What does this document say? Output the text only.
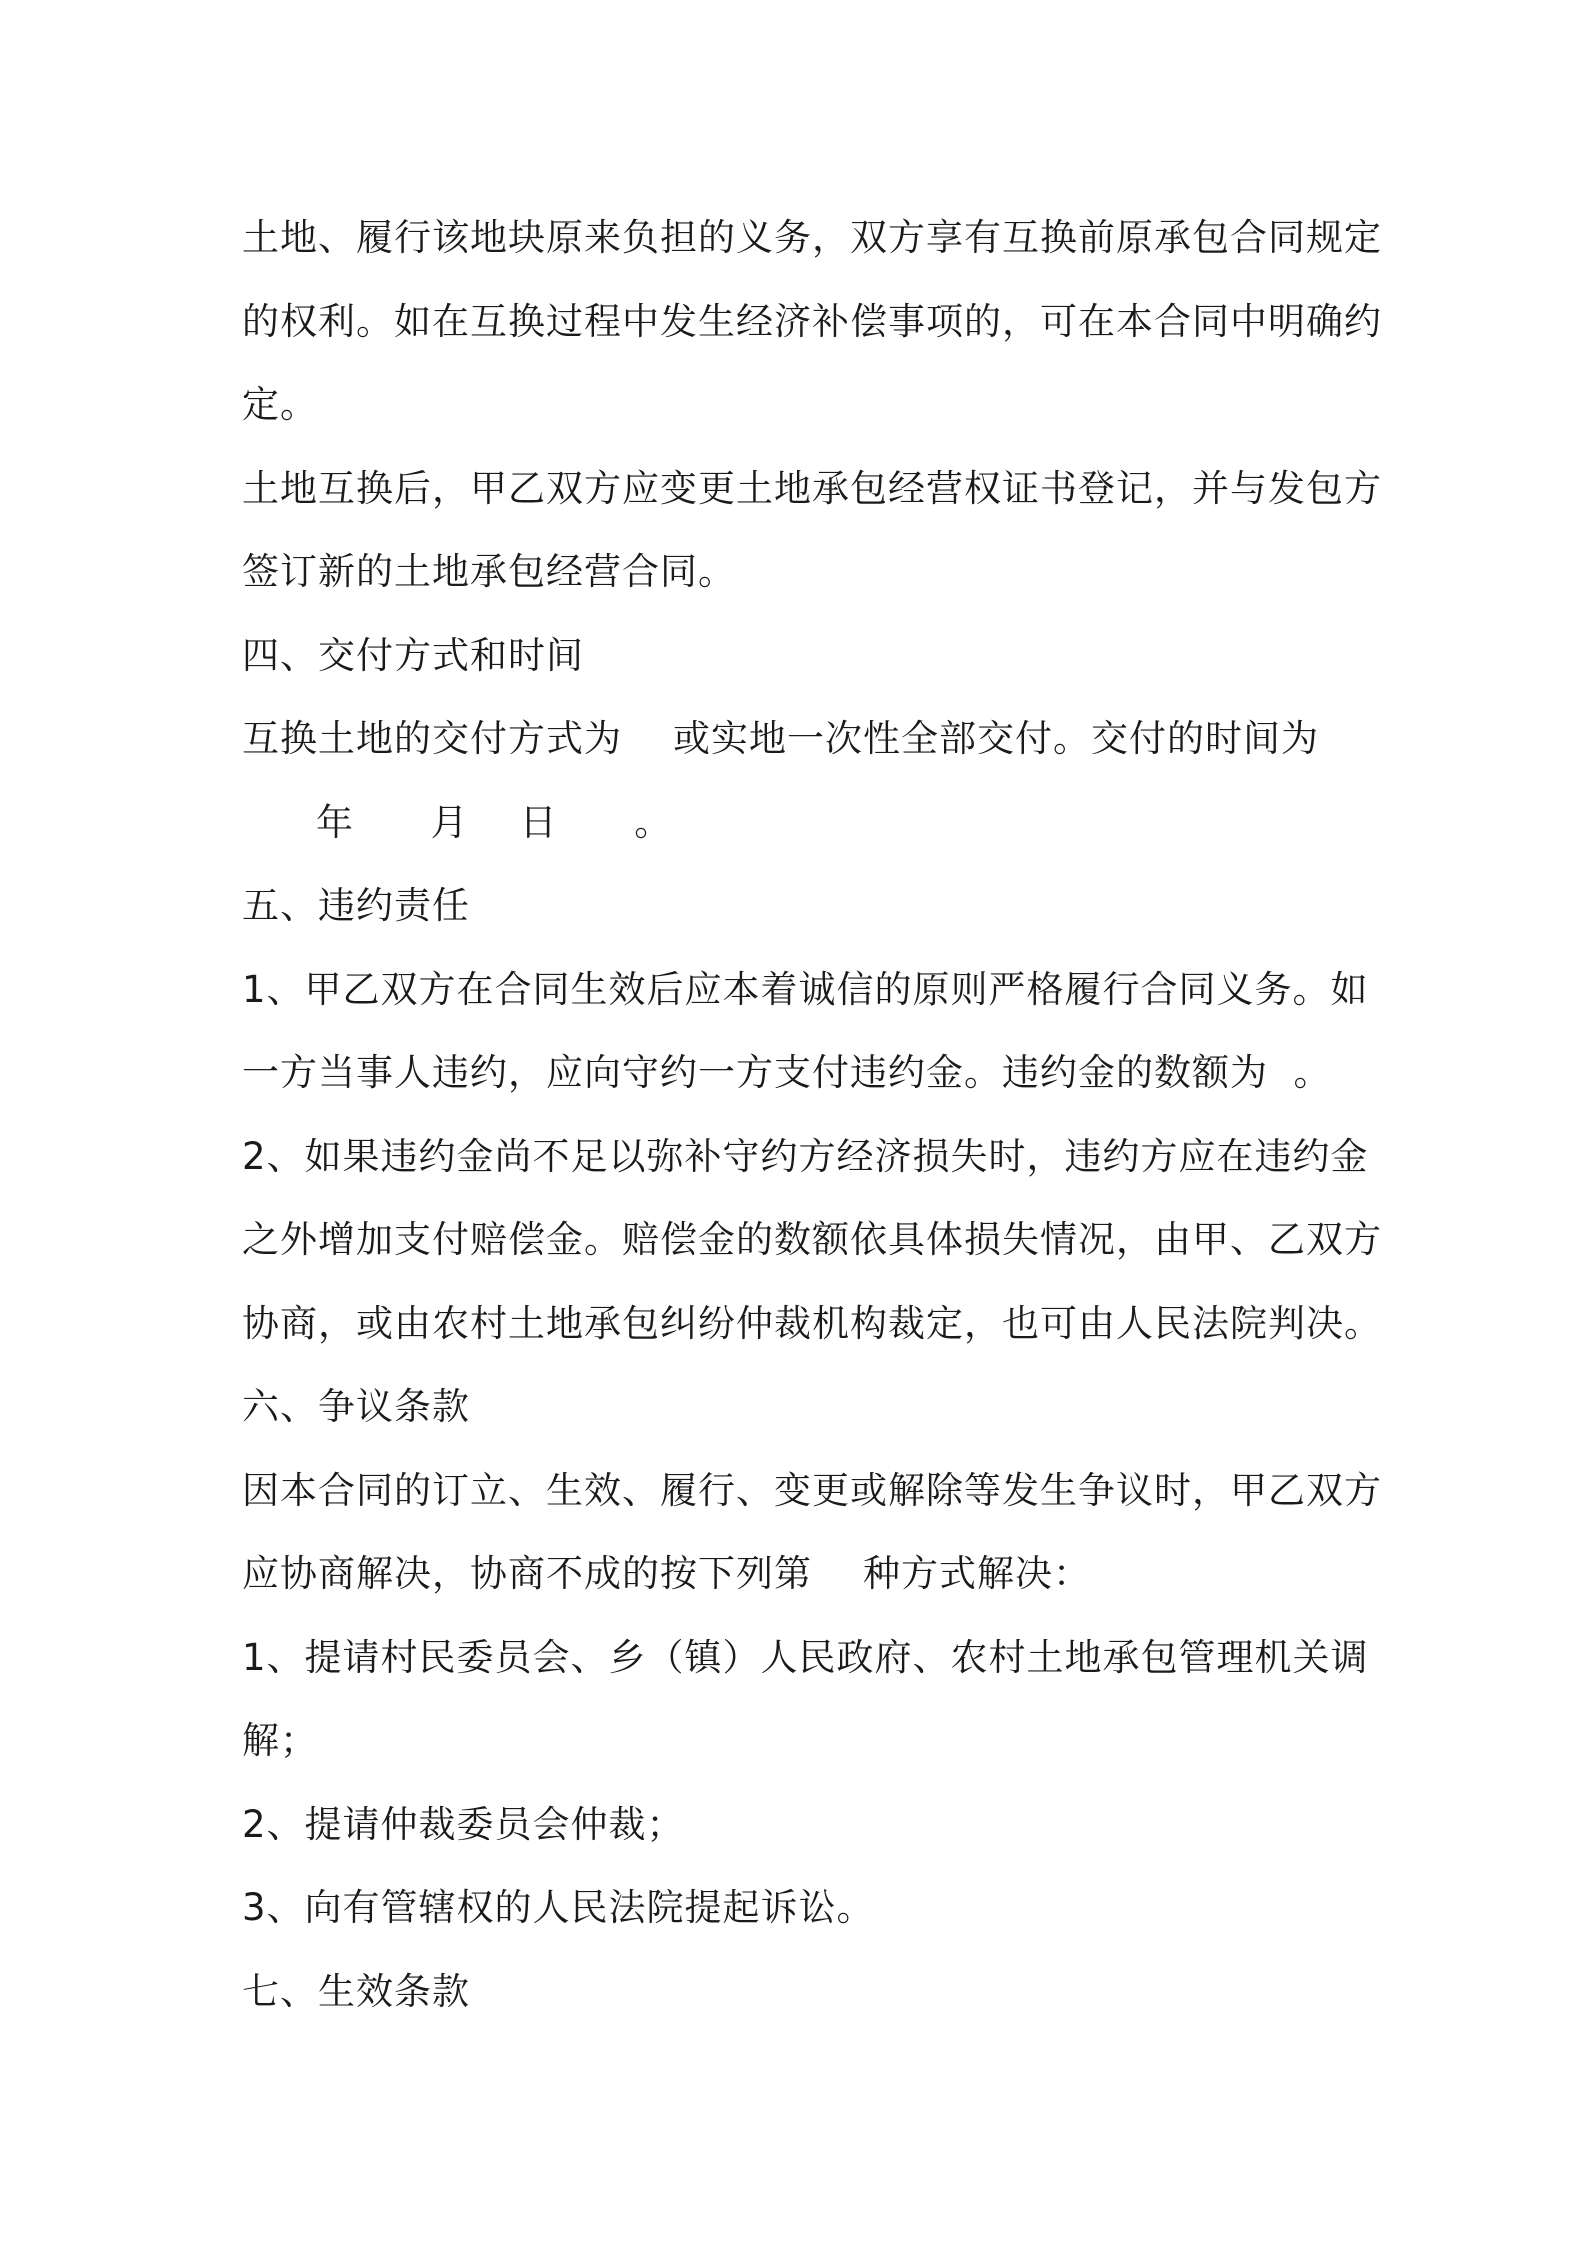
土地、履行该地块原来负担的义务，双方享有互换前原承包合同规定

的权利。如在互换过程中发生经济补偿事项的，可在本合同中明确约

定。

土地互换后，甲乙双方应变更土地承包经营权证书登记，并与发包方

签订新的土地承包经营合同。

四、交付方式和时间

互换土地的交付方式为    或实地一次性全部交付。交付的时间为

年 月 日 。

五、违约责任

1、甲乙双方在合同生效后应本着诚信的原则严格履行合同义务。如

一方当事人违约，应向守约一方支付违约金。违约金的数额为  。

2、如果违约金尚不足以弥补守约方经济损失时，违约方应在违约金

之外增加支付赔偿金。赔偿金的数额依具体损失情况，由甲、乙双方

协商，或由农村土地承包纠纷仲裁机构裁定，也可由人民法院判决。

六、争议条款

因本合同的订立、生效、履行、变更或解除等发生争议时，甲乙双方

应协商解决，协商不成的按下列第    种方式解决：

1、提请村民委员会、乡（镇）人民政府、农村土地承包管理机关调

解；

2、提请仲裁委员会仲裁；

3、向有管辖权的人民法院提起诉讼。

七、生效条款
